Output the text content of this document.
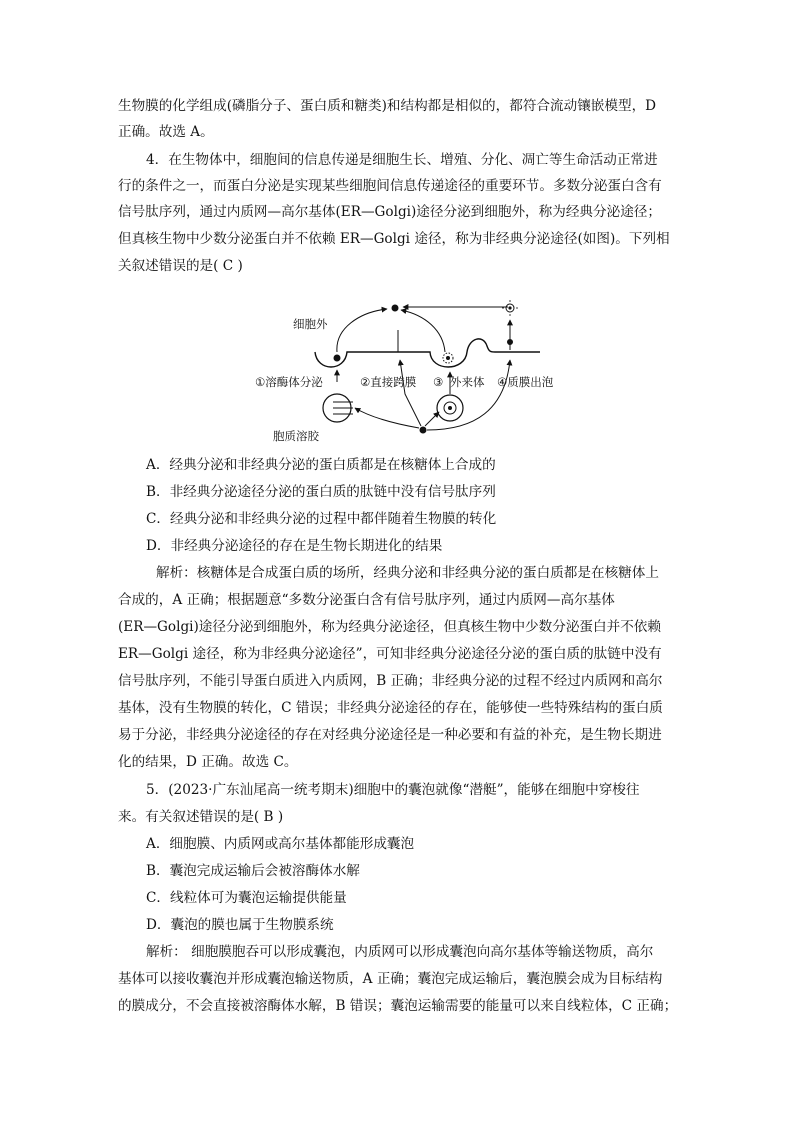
生物膜的化学组成(磷脂分子、蛋白质和糖类)和结构都是相似的，都符合流动镶嵌模型，D
正确。故选 A。
4．在生物体中，细胞间的信息传递是细胞生长、增殖、分化、凋亡等生命活动正常进
行的条件之一，而蛋白分泌是实现某些细胞间信息传递途径的重要环节。多数分泌蛋白含有
信号肽序列，通过内质网—高尔基体(ER—Golgi)途径分泌到细胞外，称为经典分泌途径；
但真核生物中少数分泌蛋白并不依赖 ER—Golgi 途径，称为非经典分泌途径(如图)。下列相
关叙述错误的是( C )
细胞外
①溶酶体分泌	②直接跨膜 ③ 外来体 ④质膜出泡
胞质溶胶
A．经典分泌和非经典分泌的蛋白质都是在核糖体上合成的
B．非经典分泌途径分泌的蛋白质的肽链中没有信号肽序列
C．经典分泌和非经典分泌的过程中都伴随着生物膜的转化
D．非经典分泌途径的存在是生物长期进化的结果
解析：核糖体是合成蛋白质的场所，经典分泌和非经典分泌的蛋白质都是在核糖体上
合成的，A 正确；根据题意“多数分泌蛋白含有信号肽序列，通过内质网—高尔基体
(ER—Golgi)途径分泌到细胞外，称为经典分泌途径，但真核生物中少数分泌蛋白并不依赖
ER—Golgi 途径，称为非经典分泌途径”，可知非经典分泌途径分泌的蛋白质的肽链中没有
信号肽序列，不能引导蛋白质进入内质网，B 正确；非经典分泌的过程不经过内质网和高尔
基体，没有生物膜的转化，C 错误；非经典分泌途径的存在，能够使一些特殊结构的蛋白质
易于分泌，非经典分泌途径的存在对经典分泌途径是一种必要和有益的补充，是生物长期进
化的结果，D 正确。故选 C。
5．(2023·广东汕尾高一统考期末)细胞中的囊泡就像“潜艇”，能够在细胞中穿梭往
来。有关叙述错误的是( B )
A．细胞膜、内质网或高尔基体都能形成囊泡
B．囊泡完成运输后会被溶酶体水解
C．线粒体可为囊泡运输提供能量
D．囊泡的膜也属于生物膜系统
解析： 细胞膜胞吞可以形成囊泡，内质网可以形成囊泡向高尔基体等输送物质，高尔
基体可以接收囊泡并形成囊泡输送物质，A 正确；囊泡完成运输后，囊泡膜会成为目标结构
的膜成分，不会直接被溶酶体水解，B 错误；囊泡运输需要的能量可以来自线粒体，C 正确；
